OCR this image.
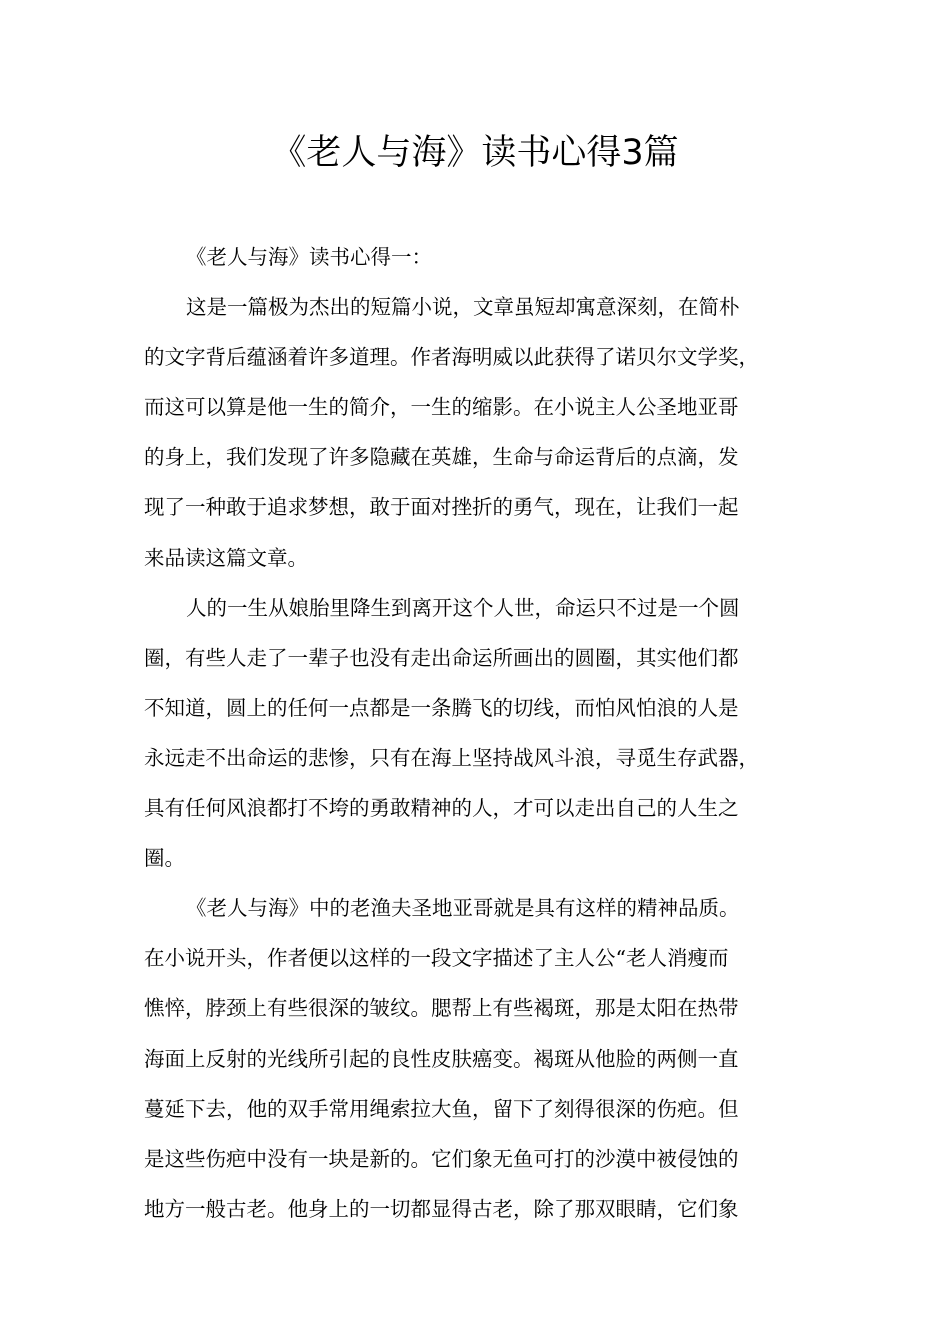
《老人与海》读书心得3篇

《老人与海》读书心得一：

这是一篇极为杰出的短篇小说，文章虽短却寓意深刻，在简朴

的文字背后蕴涵着许多道理。作者海明威以此获得了诺贝尔文学奖，

而这可以算是他一生的简介，一生的缩影。在小说主人公圣地亚哥

的身上，我们发现了许多隐藏在英雄，生命与命运背后的点滴，发

现了一种敢于追求梦想，敢于面对挫折的勇气，现在，让我们一起

来品读这篇文章。

人的一生从娘胎里降生到离开这个人世，命运只不过是一个圆

圈，有些人走了一辈子也没有走出命运所画出的圆圈，其实他们都

不知道，圆上的任何一点都是一条腾飞的切线，而怕风怕浪的人是

永远走不出命运的悲惨，只有在海上坚持战风斗浪，寻觅生存武器，

具有任何风浪都打不垮的勇敢精神的人，才可以走出自己的人生之

圈。

《老人与海》中的老渔夫圣地亚哥就是具有这样的精神品质。

在小说开头，作者便以这样的一段文字描述了主人公“老人消瘦而

憔悴，脖颈上有些很深的皱纹。腮帮上有些褐斑，那是太阳在热带

海面上反射的光线所引起的良性皮肤癌变。褐斑从他脸的两侧一直

蔓延下去，他的双手常用绳索拉大鱼，留下了刻得很深的伤疤。但

是这些伤疤中没有一块是新的。它们象无鱼可打的沙漠中被侵蚀的

地方一般古老。他身上的一切都显得古老，除了那双眼睛，它们象
